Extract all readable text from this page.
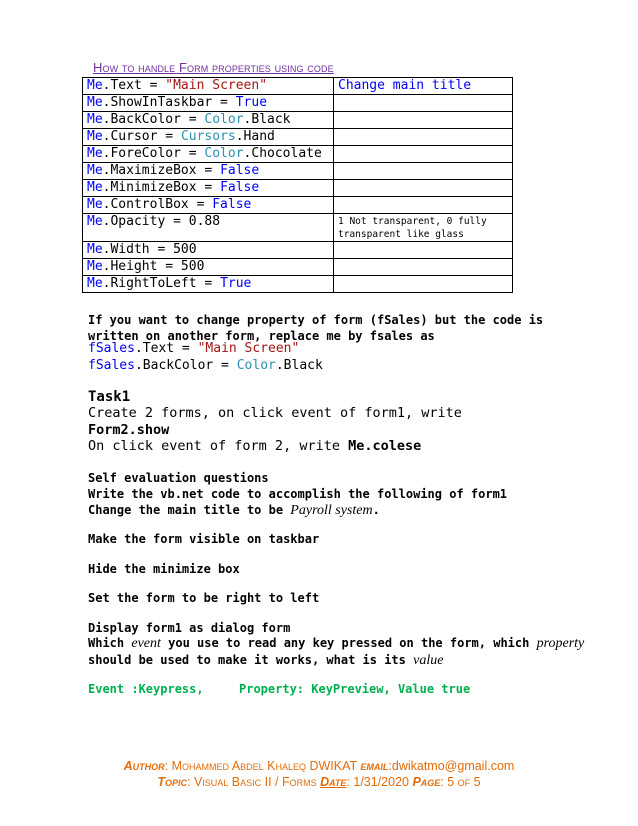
How to handle Form properties using code
Me.Text = "Main Screen"	Change main title
Me.ShowInTaskbar = True	
Me.BackColor = Color.Black	
Me.Cursor = Cursors.Hand	
Me.ForeColor = Color.Chocolate	
Me.MaximizeBox = False	
Me.MinimizeBox = False	
Me.ControlBox = False	
Me.Opacity = 0.88	1 Not transparent, 0 fully transparent like glass
Me.Width = 500	
Me.Height = 500	
Me.RightToLeft = True	
If you want to change property of form (fSales) but the code is
written on another form, replace me by fsales as
fSales.Text = "Main Screen"
fSales.BackColor = Color.Black
Task1
Create 2 forms, on click event of form1, write
Form2.show
On click event of form 2, write Me.colese
Self evaluation questions
Write the vb.net code to accomplish the following of form1
Change the main title to be Payroll system.
Make the form visible on taskbar
Hide the minimize box
Set the form to be right to left
Display form1 as dialog form
Which event you use to read any key pressed on the form, which property
should be used to make it works, what is its value
Event :Keypress,	Property: KeyPreview, Value true
Author: Mohammed Abdel Khaleq DWIKAT email:dwikatmo@gmail.com
Topic: Visual Basic II / Forms Date: 1/31/2020 Page: 5 of 5
